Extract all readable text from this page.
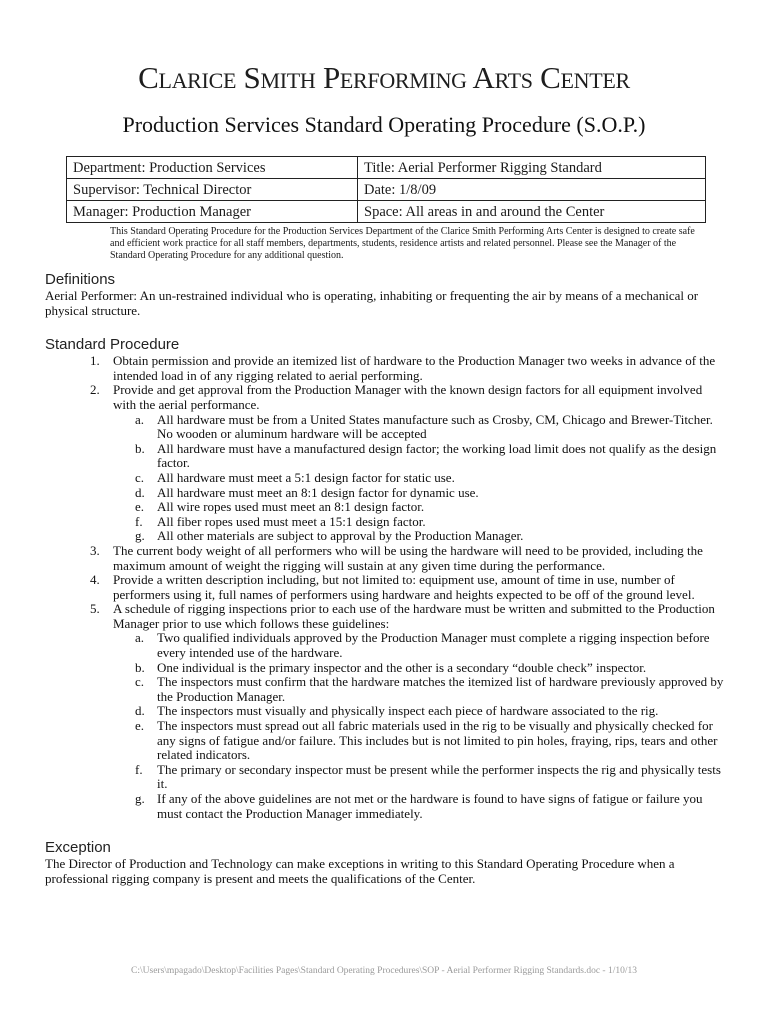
Clarice Smith Performing Arts Center
Production Services Standard Operating Procedure (S.O.P.)
Department: Production Services	Title: Aerial Performer Rigging Standard
Supervisor: Technical Director	Date: 1/8/09
Manager: Production Manager	Space: All areas in and around the Center
This Standard Operating Procedure for the Production Services Department of the Clarice Smith Performing Arts Center is designed to create safe and efficient work practice for all staff members, departments, students, residence artists and related personnel. Please see the Manager of the Standard Operating Procedure for any additional question.
Definitions

Aerial Performer: An un-restrained individual who is operating, inhabiting or frequenting the air by means of a mechanical or physical structure.

Standard Procedure
1. Obtain permission and provide an itemized list of hardware to the Production Manager two weeks in advance of the intended load in of any rigging related to aerial performing.
2. Provide and get approval from the Production Manager with the known design factors for all equipment involved with the aerial performance.
a. All hardware must be from a United States manufacture such as Crosby, CM, Chicago and Brewer-Titcher. No wooden or aluminum hardware will be accepted
b. All hardware must have a manufactured design factor; the working load limit does not qualify as the design factor.
c. All hardware must meet a 5:1 design factor for static use.
d. All hardware must meet an 8:1 design factor for dynamic use.
e. All wire ropes used must meet an 8:1 design factor.
f. All fiber ropes used must meet a 15:1 design factor.
g. All other materials are subject to approval by the Production Manager.
3. The current body weight of all performers who will be using the hardware will need to be provided, including the maximum amount of weight the rigging will sustain at any given time during the performance.
4. Provide a written description including, but not limited to: equipment use, amount of time in use, number of performers using it, full names of performers using hardware and heights expected to be off of the ground level.
5. A schedule of rigging inspections prior to each use of the hardware must be written and submitted to the Production Manager prior to use which follows these guidelines:
a. Two qualified individuals approved by the Production Manager must complete a rigging inspection before every intended use of the hardware.
b. One individual is the primary inspector and the other is a secondary “double check” inspector.
c. The inspectors must confirm that the hardware matches the itemized list of hardware previously approved by the Production Manager.
d. The inspectors must visually and physically inspect each piece of hardware associated to the rig.
e. The inspectors must spread out all fabric materials used in the rig to be visually and physically checked for any signs of fatigue and/or failure. This includes but is not limited to pin holes, fraying, rips, tears and other related indicators.
f. The primary or secondary inspector must be present while the performer inspects the rig and physically tests it.
g. If any of the above guidelines are not met or the hardware is found to have signs of fatigue or failure you must contact the Production Manager immediately.
Exception

The Director of Production and Technology can make exceptions in writing to this Standard Operating Procedure when a professional rigging company is present and meets the qualifications of the Center.

C:\Users\mpagado\Desktop\Facilities Pages\Standard Operating Procedures\SOP - Aerial Performer Rigging Standards.doc - 1/10/13
